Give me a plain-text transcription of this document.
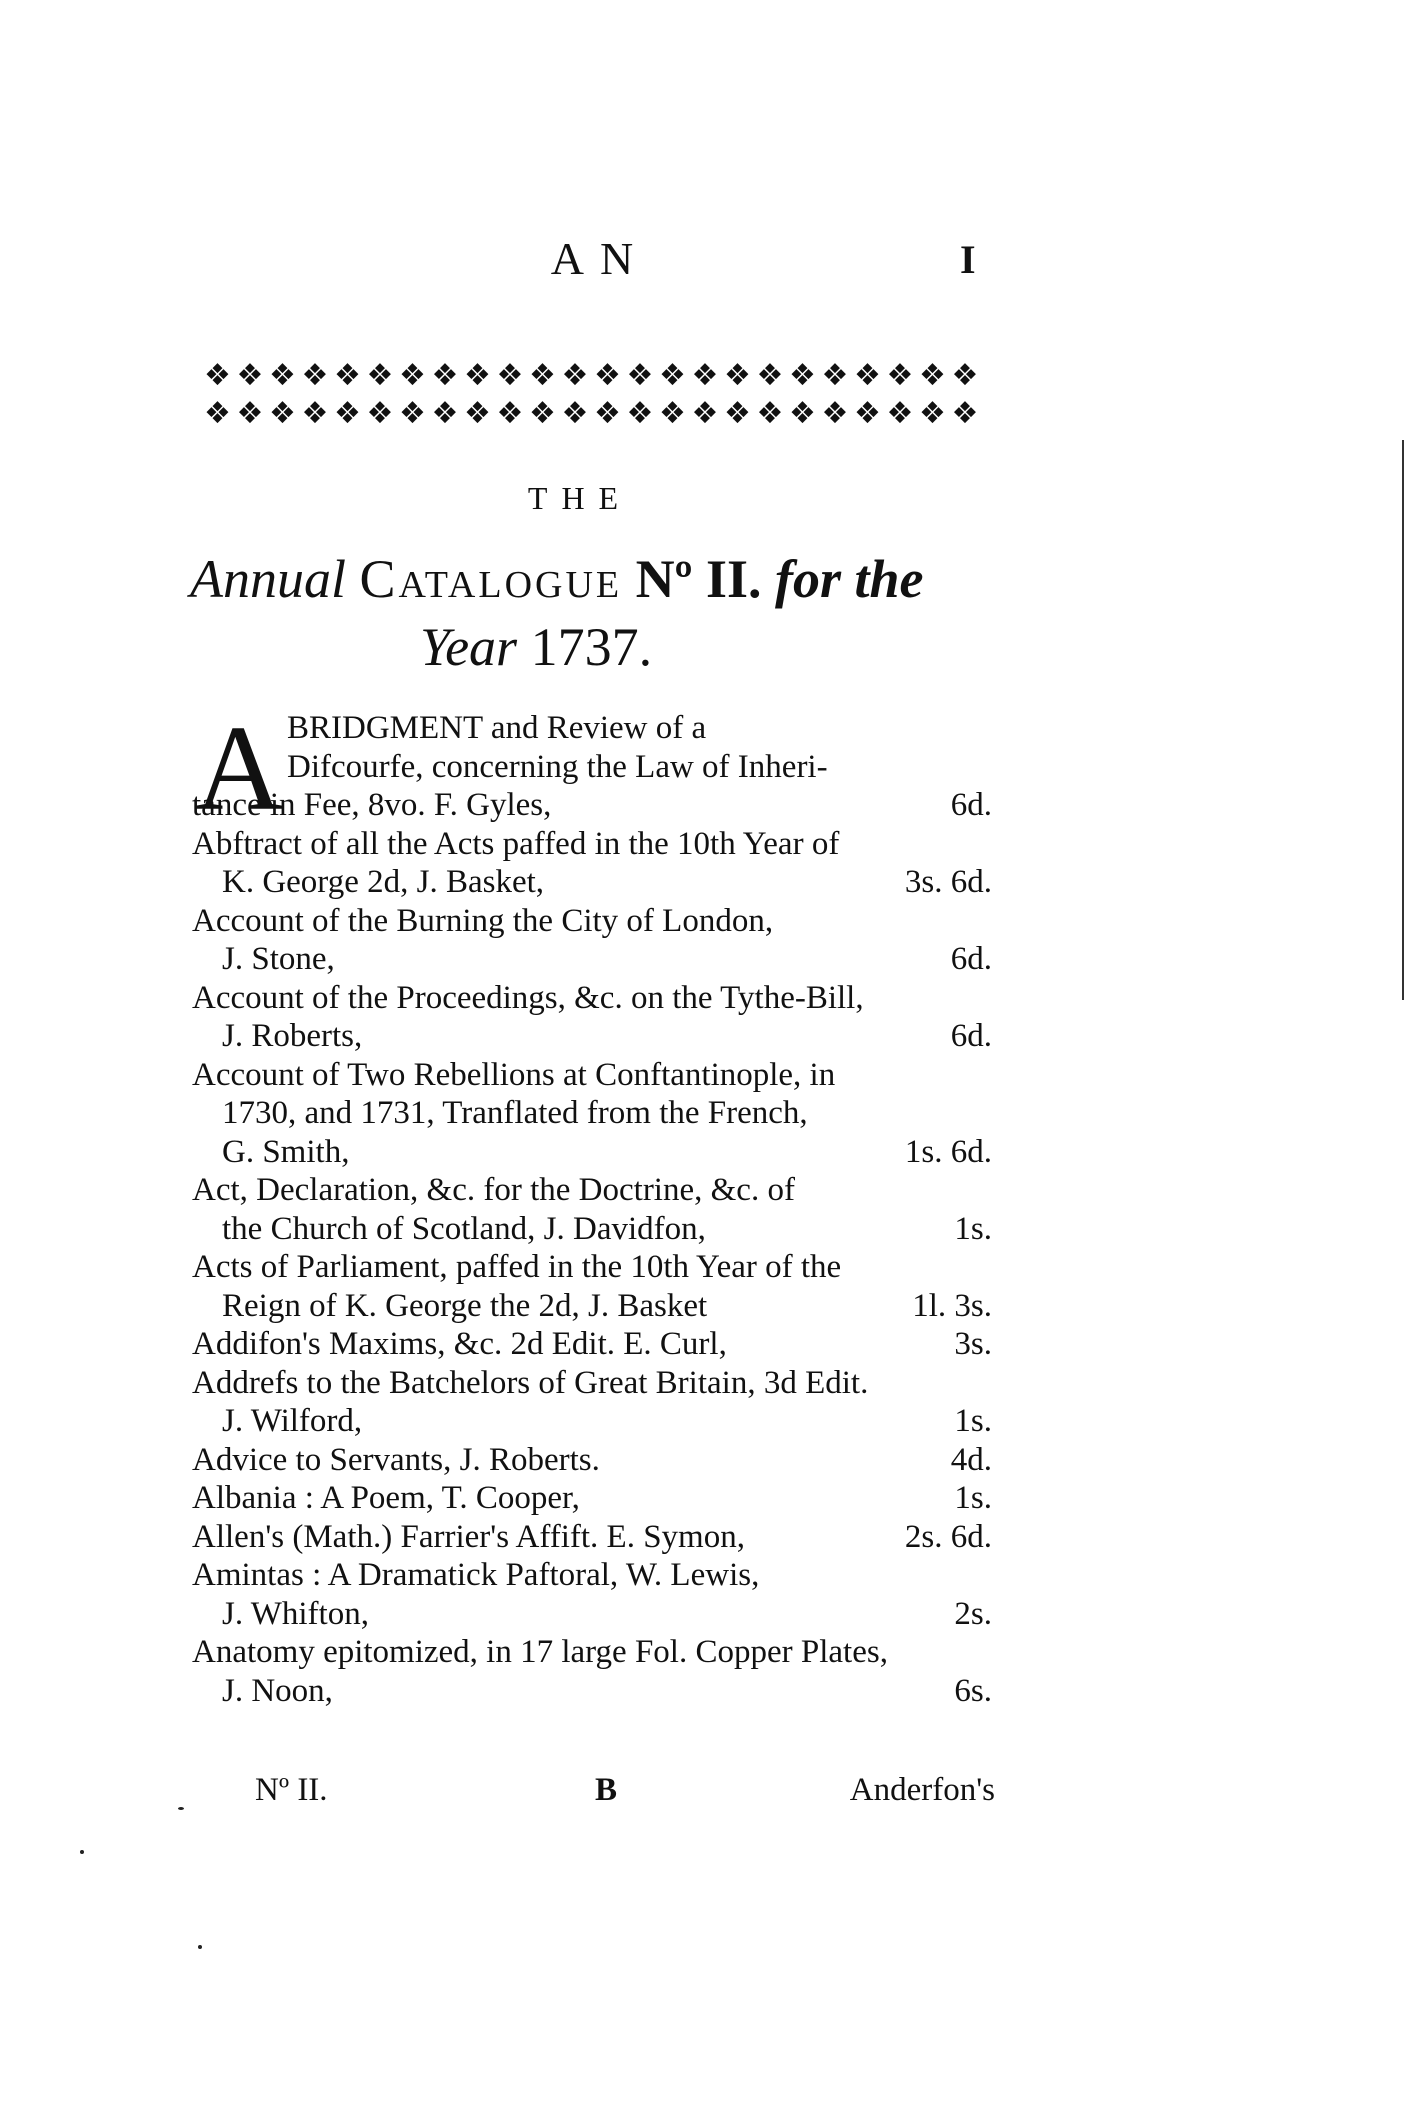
AN	I
❖ ❖ ❖ ❖ ❖ ❖ ❖ ❖ ❖ ❖ ❖ ❖ ❖ ❖ ❖ ❖ ❖ ❖ ❖ ❖ ❖ ❖ ❖ ❖
❖ ❖ ❖ ❖ ❖ ❖ ❖ ❖ ❖ ❖ ❖ ❖ ❖ ❖ ❖ ❖ ❖ ❖ ❖ ❖ ❖ ❖ ❖ ❖
THE
Annual Catalogue Nº II. for the
Year 1737.
A BRIDGMENT and Review of a
Difcourfe, concerning the Law of Inheri-
tance in Fee, 8vo. F. Gyles,	6d.
Abftract of all the Acts paffed in the 10th Year of
K. George 2d, J. Basket,	3s. 6d.
Account of the Burning the City of London,
J. Stone,	6d.
Account of the Proceedings, &c. on the Tythe-Bill,
J. Roberts,	6d.
Account of Two Rebellions at Conftantinople, in
1730, and 1731, Tranflated from the French,
G. Smith,	1s. 6d.
Act, Declaration, &c. for the Doctrine, &c. of
the Church of Scotland, J. Davidfon,	1s.
Acts of Parliament, paffed in the 10th Year of the
Reign of K. George the 2d, J. Basket	1l. 3s.
Addifon's Maxims, &c. 2d Edit. E. Curl,	3s.
Addrefs to the Batchelors of Great Britain, 3d Edit.
J. Wilford,	1s.
Advice to Servants, J. Roberts.	4d.
Albania : A Poem, T. Cooper,	1s.
Allen's (Math.) Farrier's Affift. E. Symon,	2s. 6d.
Amintas : A Dramatick Paftoral, W. Lewis,
J. Whifton,	2s.
Anatomy epitomized, in 17 large Fol. Copper Plates,
J. Noon,	6s.
Nº II.	B	Anderfon's
